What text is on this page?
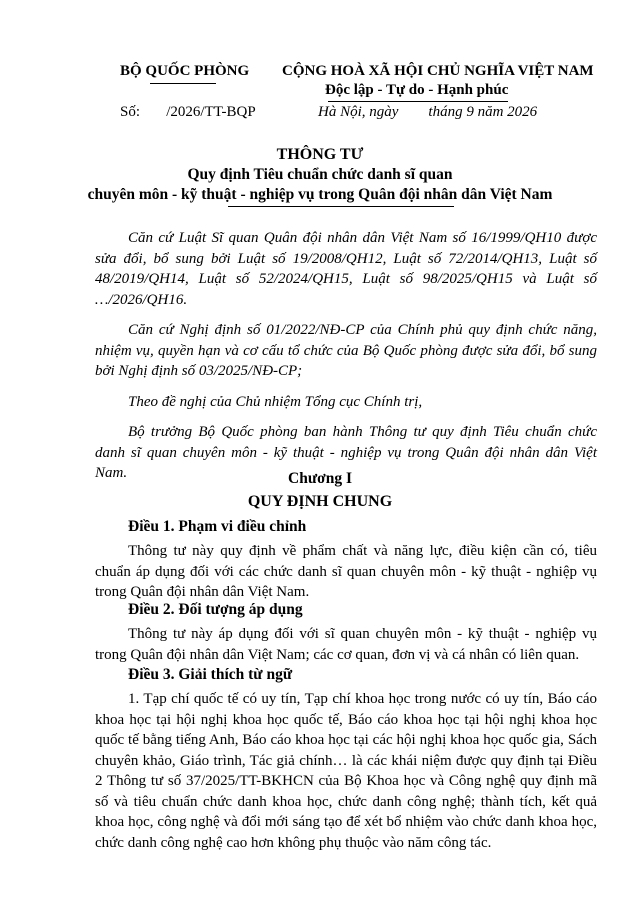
BỘ QUỐC PHÒNG
Số:       /2026/TT-BQP
CỘNG HOÀ XÃ HỘI CHỦ NGHĨA VIỆT NAM
Độc lập - Tự do - Hạnh phúc
Hà Nội, ngày        tháng 9 năm 2026
THÔNG TƯ
Quy định Tiêu chuẩn chức danh sĩ quan
chuyên môn - kỹ thuật - nghiệp vụ trong Quân đội nhân dân Việt Nam

Căn cứ Luật Sĩ quan Quân đội nhân dân Việt Nam số 16/1999/QH10 được sửa đổi, bổ sung bởi Luật số 19/2008/QH12, Luật số 72/2014/QH13, Luật số 48/2019/QH14, Luật số 52/2024/QH15, Luật số 98/2025/QH15 và Luật số …/2026/QH16.

Căn cứ Nghị định số 01/2022/NĐ-CP của Chính phủ quy định chức năng, nhiệm vụ, quyền hạn và cơ cấu tổ chức của Bộ Quốc phòng được sửa đổi, bổ sung bởi Nghị định số 03/2025/NĐ-CP;

Theo đề nghị của Chủ nhiệm Tổng cục Chính trị,

Bộ trưởng Bộ Quốc phòng ban hành Thông tư quy định Tiêu chuẩn chức danh sĩ quan chuyên môn - kỹ thuật - nghiệp vụ trong Quân đội nhân dân Việt Nam.	Chương I
QUY ĐỊNH CHUNG
Điều 1. Phạm vi điều chỉnh

Thông tư này quy định về phẩm chất và năng lực, điều kiện cần có, tiêu chuẩn áp dụng đối với các chức danh sĩ quan chuyên môn - kỹ thuật - nghiệp vụ trong Quân đội nhân dân Việt Nam.

Điều 2. Đối tượng áp dụng

Thông tư này áp dụng đối với sĩ quan chuyên môn - kỹ thuật - nghiệp vụ trong Quân đội nhân dân Việt Nam; các cơ quan, đơn vị và cá nhân có liên quan.

Điều 3. Giải thích từ ngữ

1. Tạp chí quốc tế có uy tín, Tạp chí khoa học trong nước có uy tín, Báo cáo khoa học tại hội nghị khoa học quốc tế, Báo cáo khoa học tại hội nghị khoa học quốc tế bằng tiếng Anh, Báo cáo khoa học tại các hội nghị khoa học quốc gia, Sách chuyên khảo, Giáo trình, Tác giả chính… là các khái niệm được quy định tại Điều 2 Thông tư số 37/2025/TT-BKHCN của Bộ Khoa học và Công nghệ quy định mã số và tiêu chuẩn chức danh khoa học, chức danh công nghệ; thành tích, kết quả khoa học, công nghệ và đổi mới sáng tạo để xét bổ nhiệm vào chức danh khoa học, chức danh công nghệ cao hơn không phụ thuộc vào năm công tác.
